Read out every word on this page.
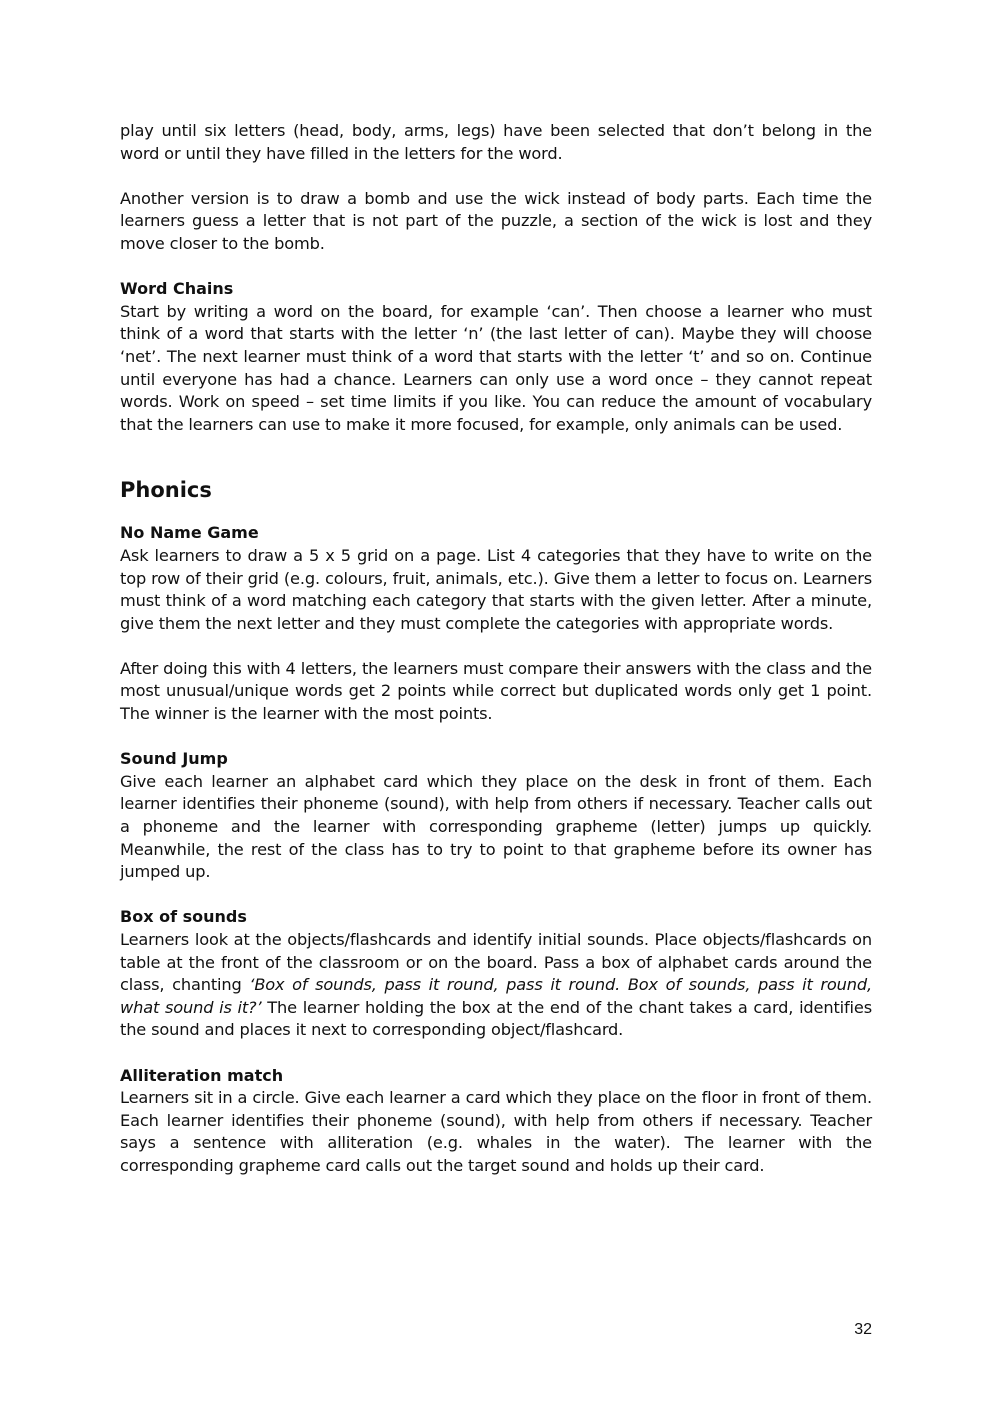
play until six letters (head, body, arms, legs) have been selected that don’t belong in the word or until they have filled in the letters for the word.

Another version is to draw a bomb and use the wick instead of body parts. Each time the learners guess a letter that is not part of the puzzle, a section of the wick is lost and they move closer to the bomb.

Word Chains

Start by writing a word on the board, for example ‘can’. Then choose a learner who must think of a word that starts with the letter ‘n’ (the last letter of can). Maybe they will choose ‘net’. The next learner must think of a word that starts with the letter ‘t’ and so on. Continue until everyone has had a chance. Learners can only use a word once – they cannot repeat words. Work on speed – set time limits if you like. You can reduce the amount of vocabulary that the learners can use to make it more focused, for example, only animals can be used.

Phonics
No Name Game

Ask learners to draw a 5 x 5 grid on a page. List 4 categories that they have to write on the top row of their grid (e.g. colours, fruit, animals, etc.). Give them a letter to focus on. Learners must think of a word matching each category that starts with the given letter. After a minute, give them the next letter and they must complete the categories with appropriate words.

After doing this with 4 letters, the learners must compare their answers with the class and the most unusual/unique words get 2 points while correct but duplicated words only get 1 point. The winner is the learner with the most points.

Sound Jump

Give each learner an alphabet card which they place on the desk in front of them. Each learner identifies their phoneme (sound), with help from others if necessary. Teacher calls out a phoneme and the learner with corresponding grapheme (letter) jumps up quickly. Meanwhile, the rest of the class has to try to point to that grapheme before its owner has jumped up.

Box of sounds

Learners look at the objects/flashcards and identify initial sounds. Place objects/flashcards on table at the front of the classroom or on the board. Pass a box of alphabet cards around the class, chanting ‘Box of sounds, pass it round, pass it round. Box of sounds, pass it round, what sound is it?’ The learner holding the box at the end of the chant takes a card, identifies the sound and places it next to corresponding object/flashcard.

Alliteration match

Learners sit in a circle. Give each learner a card which they place on the floor in front of them. Each learner identifies their phoneme (sound), with help from others if necessary. Teacher says a sentence with alliteration (e.g. whales in the water). The learner with the corresponding grapheme card calls out the target sound and holds up their card.

32
